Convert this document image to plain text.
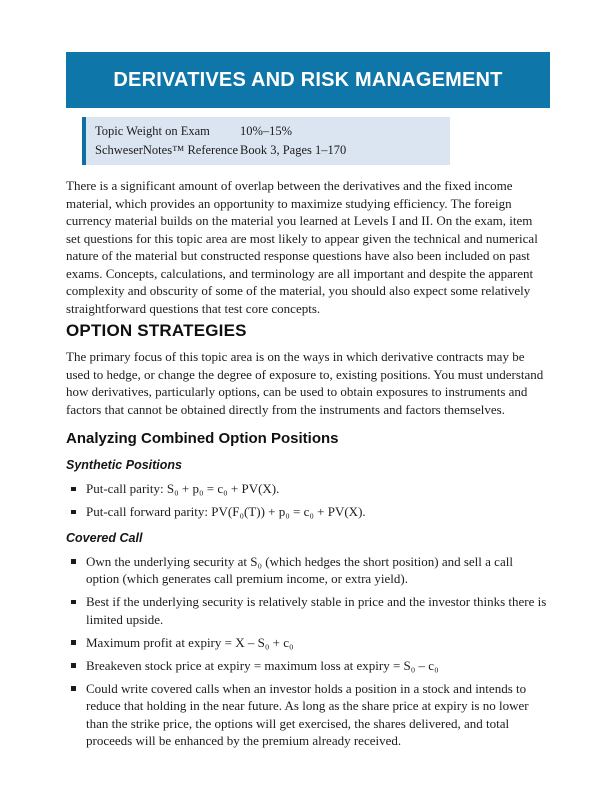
DERIVATIVES AND RISK MANAGEMENT
Topic Weight on Exam	10%–15%
SchweserNotes™ Reference Book 3, Pages 1–170

There is a significant amount of overlap between the derivatives and the fixed income material, which provides an opportunity to maximize studying efficiency. The foreign currency material builds on the material you learned at Levels I and II. On the exam, item set questions for this topic area are most likely to appear given the technical and numerical nature of the material but constructed response questions have also been included on past exams. Concepts, calculations, and terminology are all important and despite the apparent complexity and obscurity of some of the material, you should also expect some relatively straightforward questions that test core concepts.

OPTION STRATEGIES

The primary focus of this topic area is on the ways in which derivative contracts may be used to hedge, or change the degree of exposure to, existing positions. You must understand how derivatives, particularly options, can be used to obtain exposures to instruments and factors that cannot be obtained directly from the instruments and factors themselves.

Analyzing Combined Option Positions
Synthetic Positions
Put-call parity: S₀ + p₀ = c₀ + PV(X).
Put-call forward parity: PV(F₀(T)) + p₀ = c₀ + PV(X).
Covered Call
Own the underlying security at S₀ (which hedges the short position) and sell a call option (which generates call premium income, or extra yield).
Best if the underlying security is relatively stable in price and the investor thinks there is limited upside.
Maximum profit at expiry = X – S₀ + c₀
Breakeven stock price at expiry = maximum loss at expiry = S₀ – c₀
Could write covered calls when an investor holds a position in a stock and intends to reduce that holding in the near future. As long as the share price at expiry is no lower than the strike price, the options will get exercised, the shares delivered, and total proceeds will be enhanced by the premium already received.
